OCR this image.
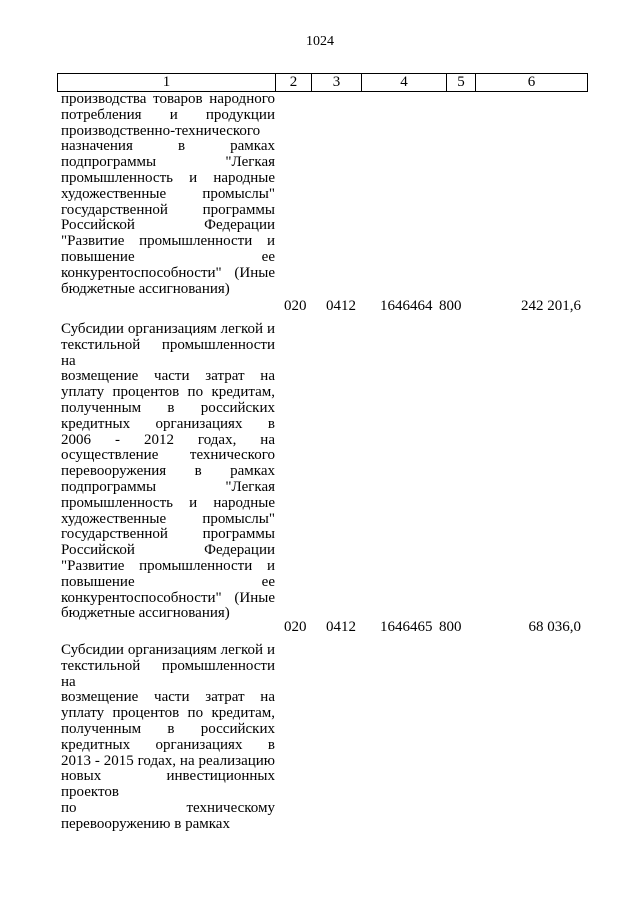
1024
1	2	3	4	5	6
производства товаров народного
потребления и продукции
производственно-технического
назначения в рамках
подпрограммы "Легкая
промышленность и народные
художественные промыслы"
государственной программы
Российской Федерации
"Развитие промышленности и
повышение ее
конкурентоспособности" (Иные
бюджетные ассигнования)
020 0412 1646464 800	242 201,6
Субсидии организациям легкой и
текстильной промышленности на
возмещение части затрат на
уплату процентов по кредитам,
полученным в российских
кредитных организациях в
2006 - 2012 годах, на
осуществление технического
перевооружения в рамках
подпрограммы "Легкая
промышленность и народные
художественные промыслы"
государственной программы
Российской Федерации
"Развитие промышленности и
повышение ее
конкурентоспособности" (Иные
бюджетные ассигнования)
020 0412 1646465 800	68 036,0
Субсидии организациям легкой и
текстильной промышленности на
возмещение части затрат на
уплату процентов по кредитам,
полученным в российских
кредитных организациях в
2013 - 2015 годах, на реализацию
новых инвестиционных проектов
по техническому
перевооружению в рамках
